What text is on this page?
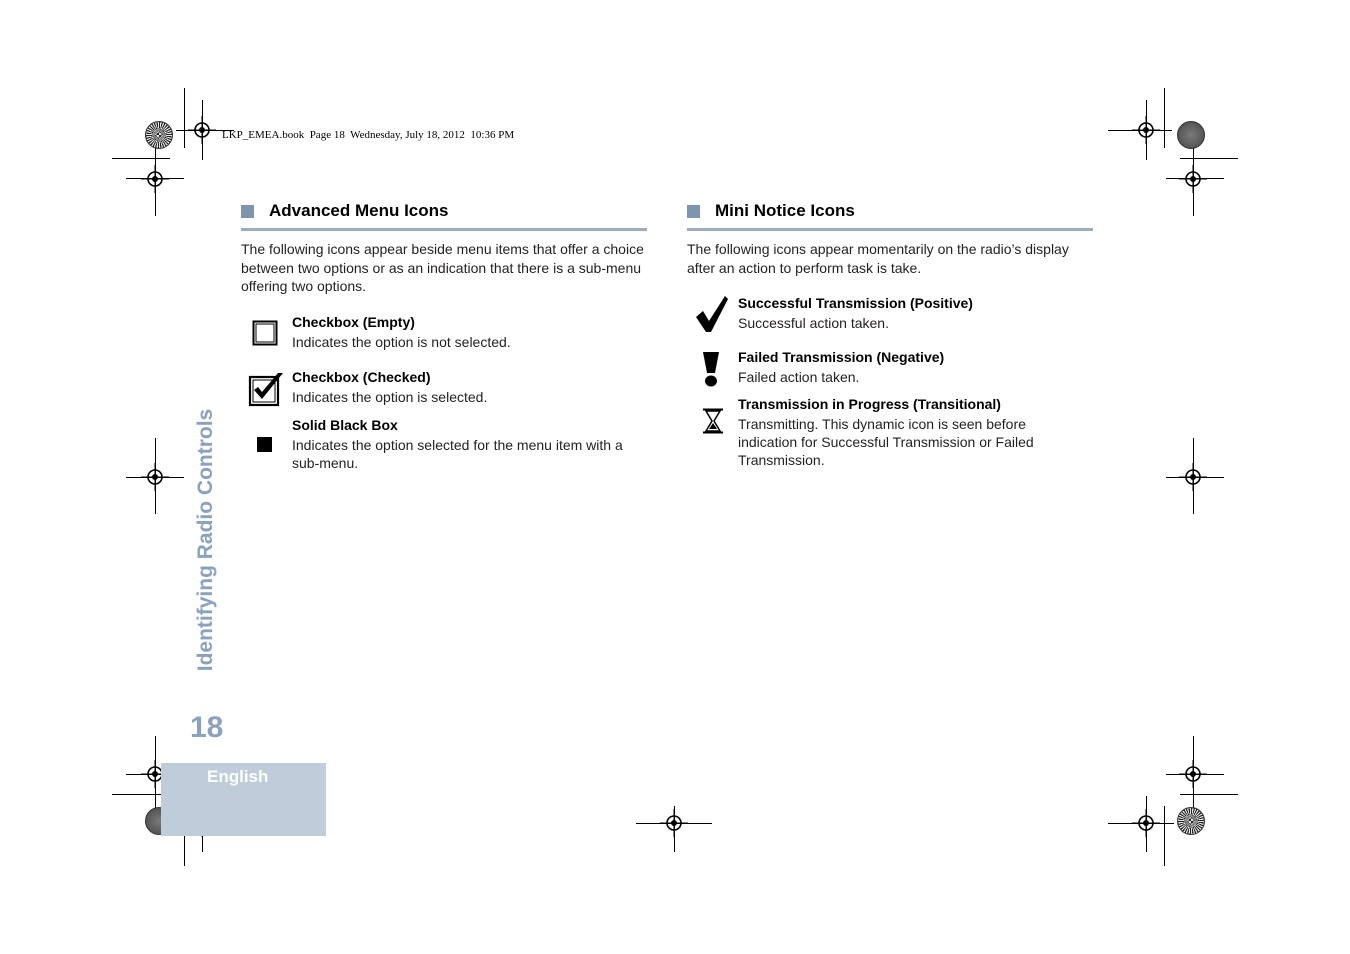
LKP_EMEA.book  Page 18  Wednesday, July 18, 2012  10:36 PM
Advanced Menu Icons
The following icons appear beside menu items that offer a choice between two options or as an indication that there is a sub-menu offering two options.
Checkbox (Empty)
Indicates the option is not selected.
Checkbox (Checked)
Indicates the option is selected.
Solid Black Box
Indicates the option selected for the menu item with a sub-menu.
Mini Notice Icons
The following icons appear momentarily on the radio’s display after an action to perform task is take.
Successful Transmission (Positive)
Successful action taken.
Failed Transmission (Negative)
Failed action taken.
Transmission in Progress (Transitional)
Transmitting. This dynamic icon is seen before indication for Successful Transmission or Failed Transmission.
Identifying Radio Controls
18
English
